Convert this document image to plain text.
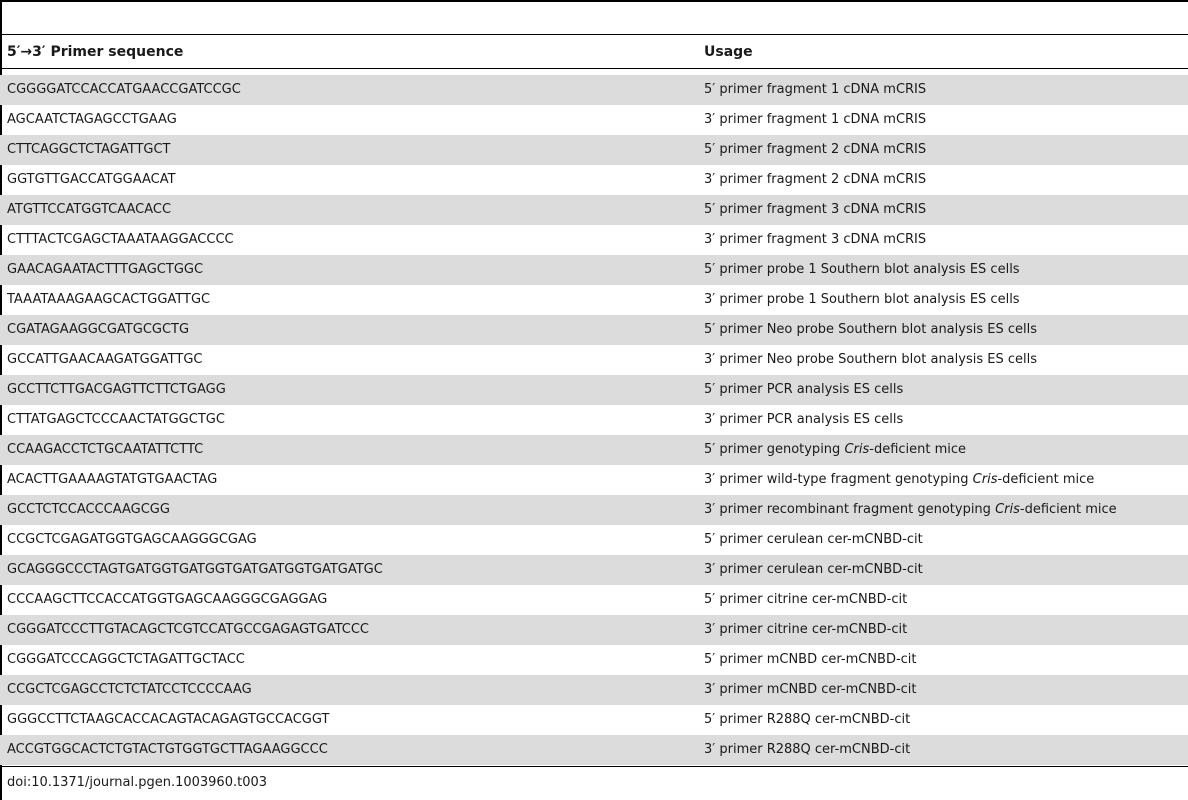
5′→3′ Primer sequence	Usage
CGGGGATCCACCATGAACCGATCCGC	5′ primer fragment 1 cDNA mCRIS
AGCAATCTAGAGCCTGAAG	3′ primer fragment 1 cDNA mCRIS
CTTCAGGCTCTAGATTGCT	5′ primer fragment 2 cDNA mCRIS
GGTGTTGACCATGGAACAT	3′ primer fragment 2 cDNA mCRIS
ATGTTCCATGGTCAACACC	5′ primer fragment 3 cDNA mCRIS
CTTTACTCGAGCTAAATAAGGACCCC	3′ primer fragment 3 cDNA mCRIS
GAACAGAATACTTTGAGCTGGC	5′ primer probe 1 Southern blot analysis ES cells
TAAATAAAGAAGCACTGGATTGC	3′ primer probe 1 Southern blot analysis ES cells
CGATAGAAGGCGATGCGCTG	5′ primer Neo probe Southern blot analysis ES cells
GCCATTGAACAAGATGGATTGC	3′ primer Neo probe Southern blot analysis ES cells
GCCTTCTTGACGAGTTCTTCTGAGG	5′ primer PCR analysis ES cells
CTTATGAGCTCCCAACTATGGCTGC	3′ primer PCR analysis ES cells
CCAAGACCTCTGCAATATTCTTC	5′ primer genotyping Cris-deficient mice
ACACTTGAAAAGTATGTGAACTAG	3′ primer wild-type fragment genotyping Cris-deficient mice
GCCTCTCCACCCAAGCGG	3′ primer recombinant fragment genotyping Cris-deficient mice
CCGCTCGAGATGGTGAGCAAGGGCGAG	5′ primer cerulean cer-mCNBD-cit
GCAGGGCCCTAGTGATGGTGATGGTGATGATGGTGATGATGC	3′ primer cerulean cer-mCNBD-cit
CCCAAGCTTCCACCATGGTGAGCAAGGGCGAGGAG	5′ primer citrine cer-mCNBD-cit
CGGGATCCCTTGTACAGCTCGTCCATGCCGAGAGTGATCCC	3′ primer citrine cer-mCNBD-cit
CGGGATCCCAGGCTCTAGATTGCTACC	5′ primer mCNBD cer-mCNBD-cit
CCGCTCGAGCCTCTCTATCCTCCCCAAG	3′ primer mCNBD cer-mCNBD-cit
GGGCCTTCTAAGCACCACAGTACAGAGTGCCACGGT	5′ primer R288Q cer-mCNBD-cit
ACCGTGGCACTCTGTACTGTGGTGCTTAGAAGGCCC	3′ primer R288Q cer-mCNBD-cit
doi:10.1371/journal.pgen.1003960.t003
